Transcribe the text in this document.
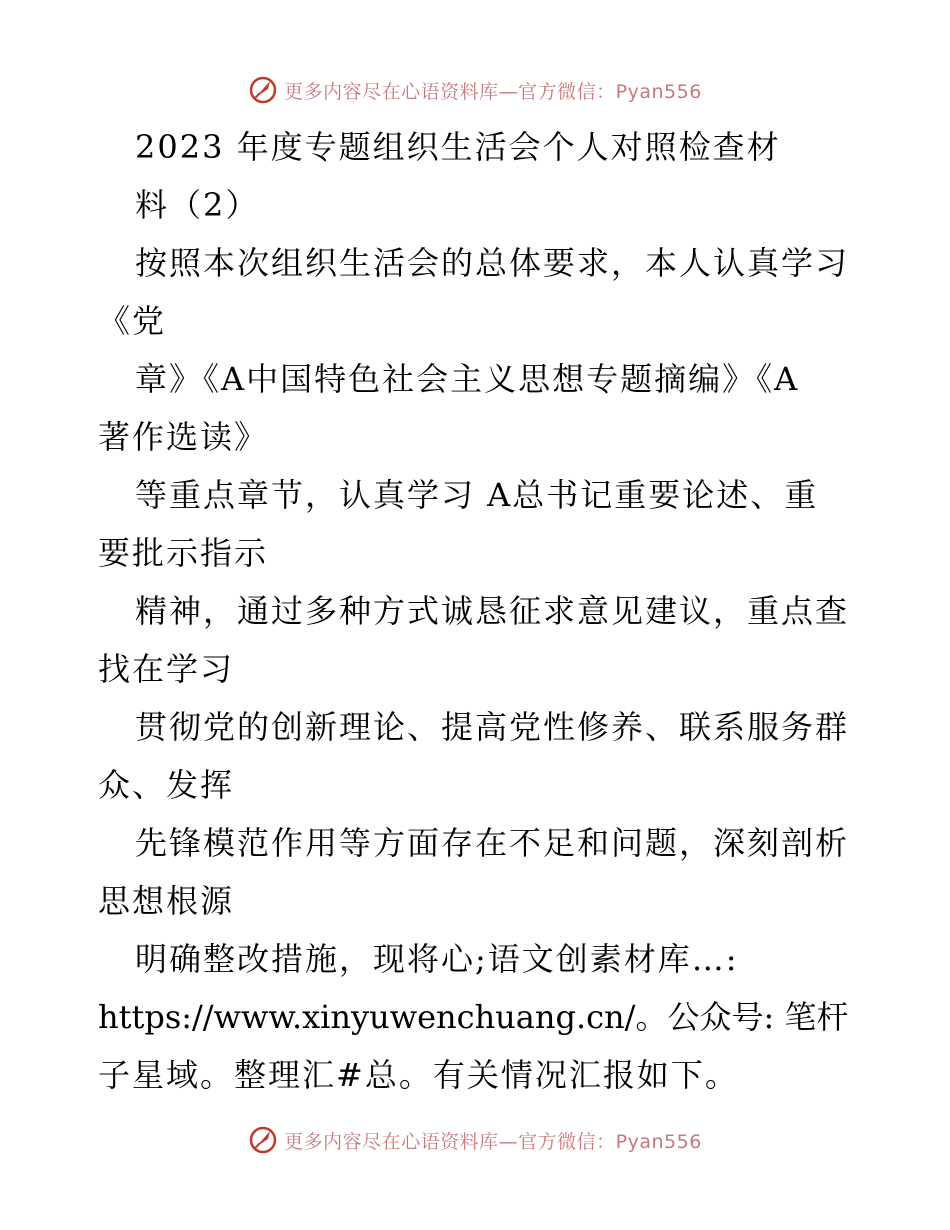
更多内容尽在心语资料库—官方微信：Pyan556
2023 年度专题组织生活会个人对照检查材
料（2）
按照本次组织生活会的总体要求，本人认真学习
《党
章》《A中国特色社会主义思想专题摘编》《A
著作选读》
等重点章节，认真学习 A总书记重要论述、重
要批示指示
精神，通过多种方式诚恳征求意见建议，重点查
找在学习
贯彻党的创新理论、提高党性修养、联系服务群
众、发挥
先锋模范作用等方面存在不足和问题，深刻剖析
思想根源
明确整改措施，现将心;语文创素材库…:
https://www.xinyuwenchuang.cn/。公众号: 笔杆
子星域。整理汇#总。有关情况汇报如下。
更多内容尽在心语资料库—官方微信：Pyan556
